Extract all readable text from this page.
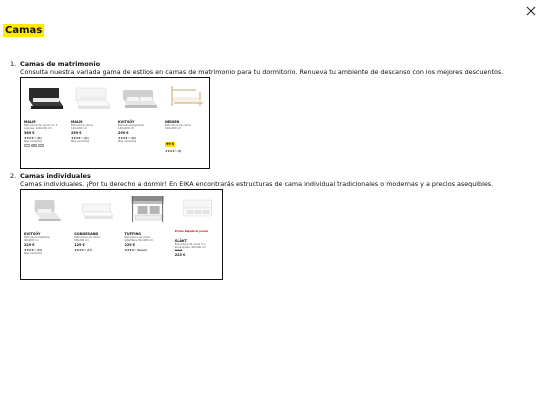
Camas
1. Camas de matrimonio
Consulta nuestra variada gama de estilos en camas de matrimonio para tu dormitorio. Renueva tu ambiente de descanso con los mejores descuentos.
MALM
Estructura de cama con 2 cajones, 140x200 cm
369 €
★★★★☆ (1k)
Más variantes
MALM
Estructura cama, 140x200 cm
259 €
★★★★☆ (1k)
Más variantes
KVITSÖY
Estructura tapizada, 140x200 cm
299 €
★★★★☆ (16)
Más variantes
NEIDEN
Estructura de cama, 140x200 cm
99 €
★★★★☆ (8)
2. Camas individuales
Camas individuales. ¡Por tu derecho a dormir! En EIKA encontrarás estructuras de cama individual tradicionales o modernas y a precios asequibles.
KVITSÖY
Estructura tapizada, 90x200 cm
229 €
★★★★☆ (34)
Más variantes
SONGESAND
Estructura de cama, 90x200 cm
129 €
★★★★☆ (17)
TUFFING
Estructura de cama alta/litera, 90x200 cm
229 €
★★★★☆ (Nuevo)
Precio bajada al precio
SLÄKT
Estructura de cama con almacenaje, 90x200 cm
259 €
225 €
